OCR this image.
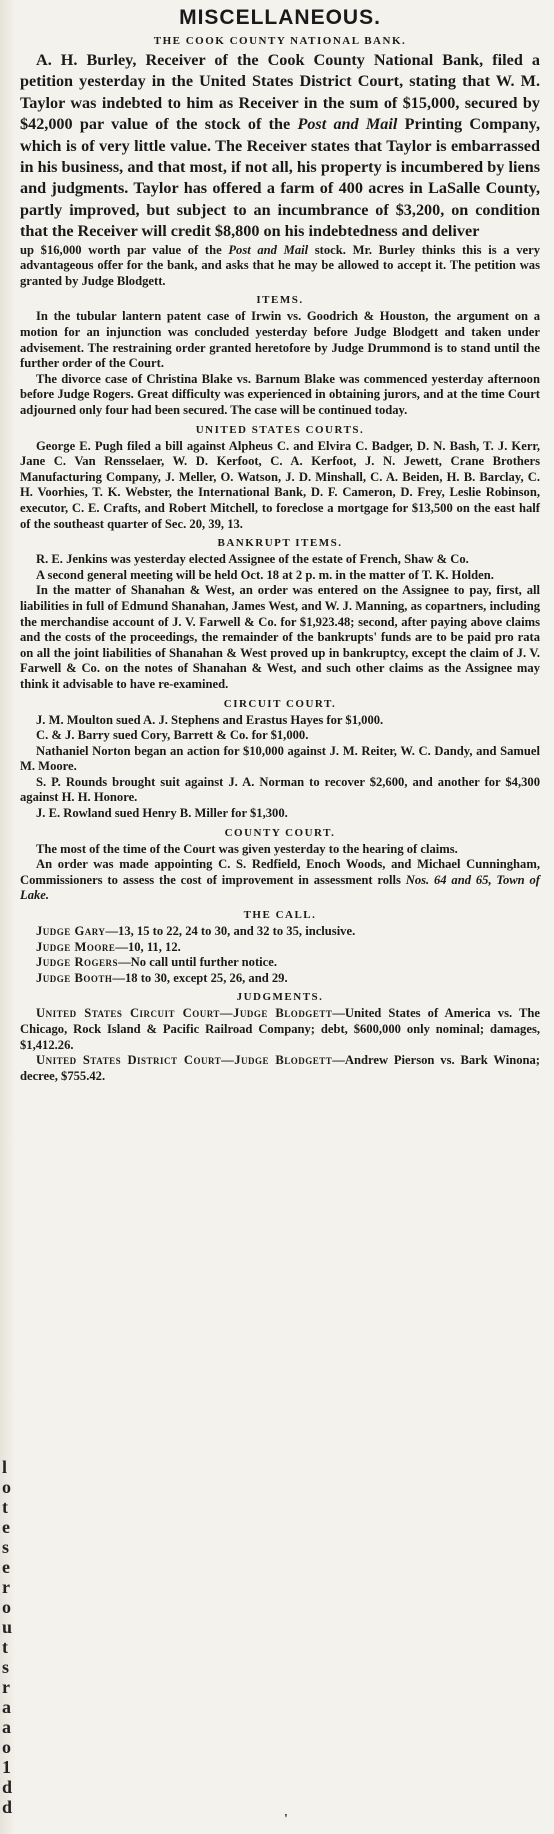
l
o
t
e
s
e
r
o
u
t
s
r
a
a
o
1
d
d
MISCELLANEOUS.
THE COOK COUNTY NATIONAL BANK.

A. H. Burley, Receiver of the Cook County National Bank, filed a petition yesterday in the United States District Court, stating that W. M. Taylor was indebted to him as Receiver in the sum of $15,000, secured by $42,000 par value of the stock of the Post and Mail Printing Company, which is of very little value. The Receiver states that Taylor is embarrassed in his business, and that most, if not all, his property is incumbered by liens and judgments. Taylor has offered a farm of 400 acres in LaSalle County, partly improved, but subject to an incumbrance of $3,200, on condition that the Receiver will credit $8,800 on his indebtedness and deliver

up $16,000 worth par value of the Post and Mail stock. Mr. Burley thinks this is a very advantageous offer for the bank, and asks that he may be allowed to accept it. The petition was granted by Judge Blodgett.

ITEMS.

In the tubular lantern patent case of Irwin vs. Goodrich & Houston, the argument on a motion for an injunction was concluded yesterday before Judge Blodgett and taken under advisement. The restraining order granted heretofore by Judge Drummond is to stand until the further order of the Court.

The divorce case of Christina Blake vs. Barnum Blake was commenced yesterday afternoon before Judge Rogers. Great difficulty was experienced in obtaining jurors, and at the time Court adjourned only four had been secured. The case will be continued today.

UNITED STATES COURTS.

George E. Pugh filed a bill against Alpheus C. and Elvira C. Badger, D. N. Bash, T. J. Kerr, Jane C. Van Rensselaer, W. D. Kerfoot, C. A. Kerfoot, J. N. Jewett, Crane Brothers Manufacturing Company, J. Meller, O. Watson, J. D. Minshall, C. A. Beiden, H. B. Barclay, C. H. Voorhies, T. K. Webster, the International Bank, D. F. Cameron, D. Frey, Leslie Robinson, executor, C. E. Crafts, and Robert Mitchell, to foreclose a mortgage for $13,500 on the east half of the southeast quarter of Sec. 20, 39, 13.

BANKRUPT ITEMS.

R. E. Jenkins was yesterday elected Assignee of the estate of French, Shaw & Co.

A second general meeting will be held Oct. 18 at 2 p. m. in the matter of T. K. Holden.

In the matter of Shanahan & West, an order was entered on the Assignee to pay, first, all liabilities in full of Edmund Shanahan, James West, and W. J. Manning, as copartners, including the merchandise account of J. V. Farwell & Co. for $1,923.48; second, after paying above claims and the costs of the proceedings, the remainder of the bankrupts' funds are to be paid pro rata on all the joint liabilities of Shanahan & West proved up in bankruptcy, except the claim of J. V. Farwell & Co. on the notes of Shanahan & West, and such other claims as the Assignee may think it advisable to have re-examined.

CIRCUIT COURT.

J. M. Moulton sued A. J. Stephens and Erastus Hayes for $1,000.

C. & J. Barry sued Cory, Barrett & Co. for $1,000.

Nathaniel Norton began an action for $10,000 against J. M. Reiter, W. C. Dandy, and Samuel M. Moore.

S. P. Rounds brought suit against J. A. Norman to recover $2,600, and another for $4,300 against H. H. Honore.

J. E. Rowland sued Henry B. Miller for $1,300.

COUNTY COURT.

The most of the time of the Court was given yesterday to the hearing of claims.

An order was made appointing C. S. Redfield, Enoch Woods, and Michael Cunningham, Commissioners to assess the cost of improvement in assessment rolls Nos. 64 and 65, Town of Lake.

THE CALL.

Judge Gary—13, 15 to 22, 24 to 30, and 32 to 35, inclusive.

Judge Moore—10, 11, 12.

Judge Rogers—No call until further notice.

Judge Booth—18 to 30, except 25, 26, and 29.

JUDGMENTS.

United States Circuit Court—Judge Blodgett—United States of America vs. The Chicago, Rock Island & Pacific Railroad Company; debt, $600,000 only nominal; damages, $1,412.26.

United States District Court—Judge Blodgett—Andrew Pierson vs. Bark Winona; decree, $755.42.

'
